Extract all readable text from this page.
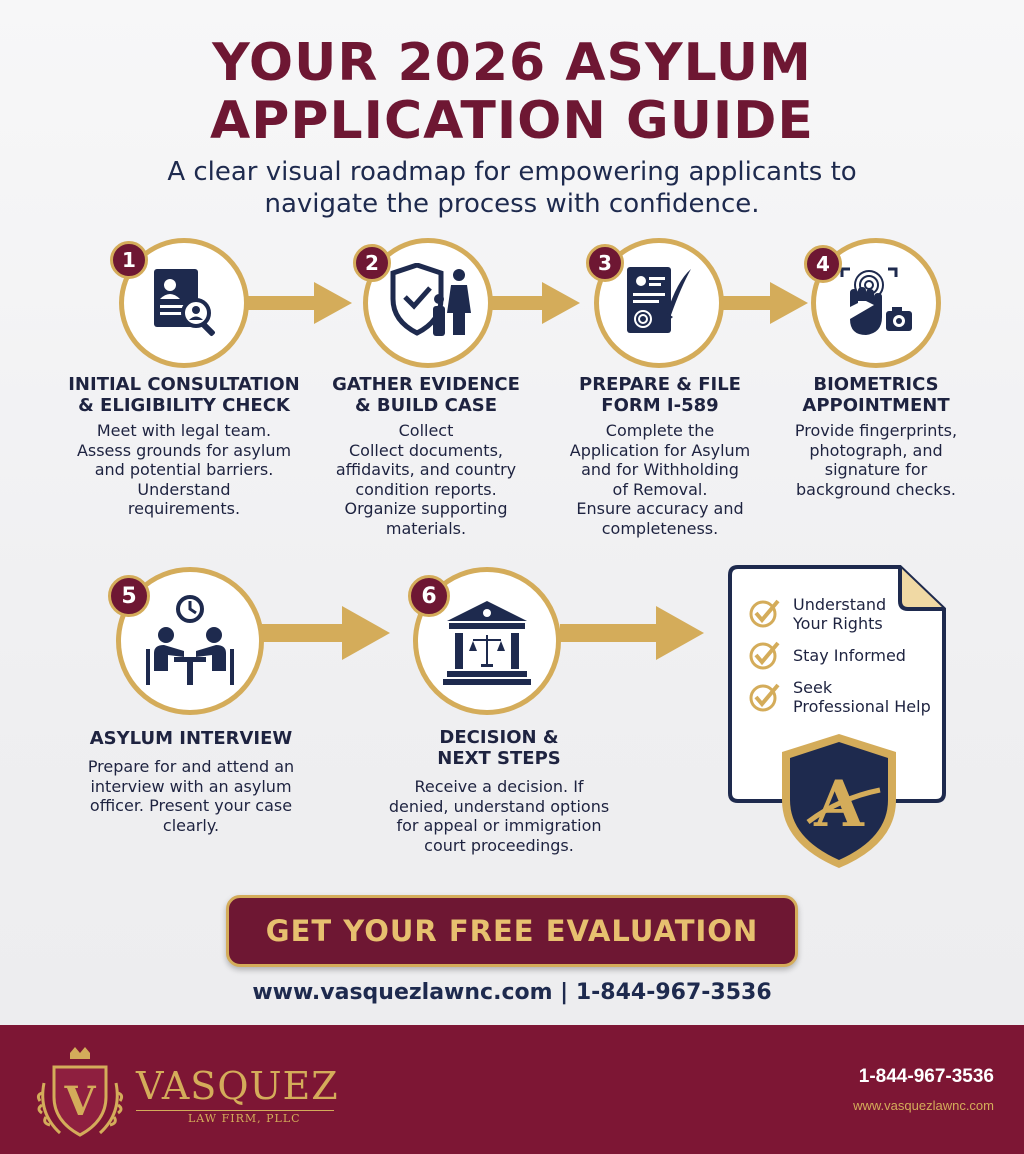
YOUR 2026 ASYLUM
APPLICATION GUIDE
A clear visual roadmap for empowering applicants to
navigate the process with confidence.
1
INITIAL CONSULTATION
& ELIGIBILITY CHECK
Meet with legal team.
Assess grounds for asylum
and potential barriers.
Understand
requirements.
2
GATHER EVIDENCE
& BUILD CASE
Collect
Collect documents,
affidavits, and country
condition reports.
Organize supporting
materials.
3
PREPARE & FILE
FORM I-589
Complete the
Application for Asylum
and for Withholding
of Removal.
Ensure accuracy and
completeness.
4
BIOMETRICS
APPOINTMENT
Provide fingerprints,
photograph, and
signature for
background checks.
5
ASYLUM INTERVIEW
Prepare for and attend an
interview with an asylum
officer. Present your case
clearly.
6
DECISION &
NEXT STEPS
Receive a decision. If
denied, understand options
for appeal or immigration
court proceedings.
Understand
Your Rights
Stay Informed
Seek
Professional Help
A
GET YOUR FREE EVALUATION
www.vasquezlawnc.com | 1-844-967-3536
V VASQUEZ
LAW FIRM, PLLC
1-844-967-3536
www.vasquezlawnc.com
